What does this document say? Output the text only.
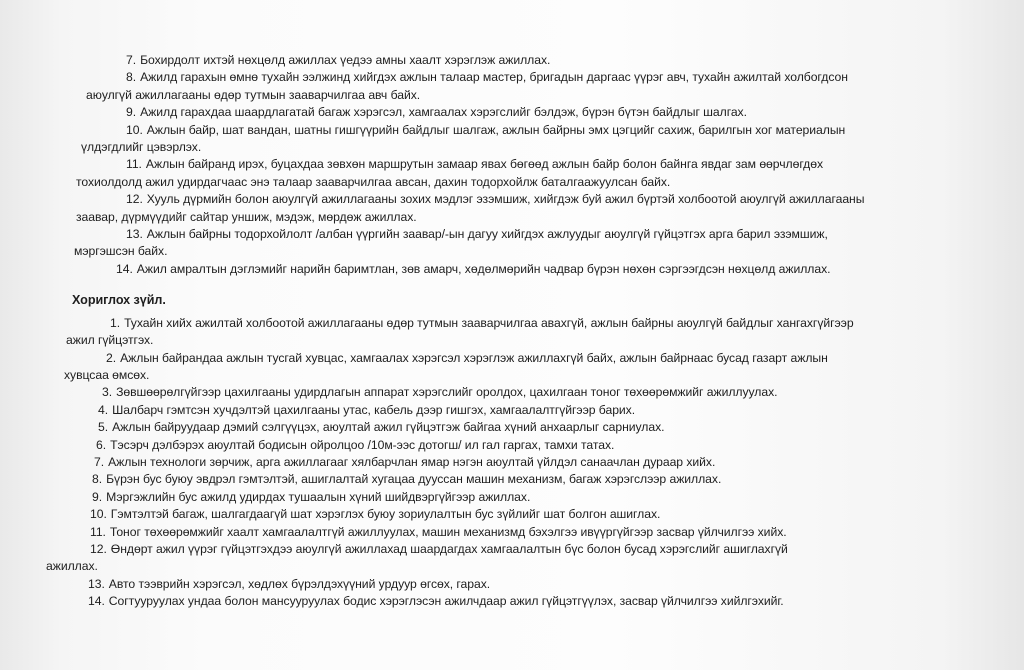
7. Бохирдолт ихтэй нөхцөлд ажиллах үедээ амны хаалт хэрэглэж ажиллах.

8. Ажилд гарахын өмнө тухайн ээлжинд хийгдэх ажлын талаар мастер, бригадын даргаас үүрэг авч, тухайн ажилтай холбогдсон

аюулгүй ажиллагааны өдөр тутмын зааварчилгаа авч байх.

9. Ажилд гарахдаа шаардлагатай багаж хэрэгсэл, хамгаалах хэрэгслийг бэлдэж, бүрэн бүтэн байдлыг шалгах.

10. Ажлын байр, шат вандан, шатны гишгүүрийн байдлыг шалгаж, ажлын байрны эмх цэгцийг сахиж, барилгын хог материалын

үлдэгдлийг цэвэрлэх.

11. Ажлын байранд ирэх, буцахдаа зөвхөн маршрутын замаар явах бөгөөд ажлын байр болон байнга явдаг зам өөрчлөгдөх

тохиолдолд ажил удирдагчаас энэ талаар зааварчилгаа авсан, дахин тодорхойлж баталгаажуулсан байх.

12. Хууль дүрмийн болон аюулгүй ажиллагааны зохих мэдлэг эзэмшиж, хийгдэж буй ажил бүртэй холбоотой аюулгүй ажиллагааны

заавар, дүрмүүдийг сайтар уншиж, мэдэж, мөрдөж ажиллах.

13. Ажлын байрны тодорхойлолт /албан үүргийн заавар/-ын дагуу хийгдэх ажлуудыг аюулгүй гүйцэтгэх арга барил эзэмшиж,

мэргэшсэн байх.

14. Ажил амралтын дэглэмийг нарийн баримтлан, зөв амарч, хөдөлмөрийн чадвар бүрэн нөхөн сэргээгдсэн нөхцөлд ажиллах.

Хориглох зүйл.

1. Тухайн хийх ажилтай холбоотой ажиллагааны өдөр тутмын зааварчилгаа авахгүй, ажлын байрны аюулгүй байдлыг хангахгүйгээр

ажил гүйцэтгэх.

2. Ажлын байрандаа ажлын тусгай хувцас, хамгаалах хэрэгсэл хэрэглэж ажиллахгүй байх, ажлын байрнаас бусад газарт ажлын

хувцсаа өмсөх.

3. Зөвшөөрөлгүйгээр цахилгааны удирдлагын аппарат хэрэгслийг оролдох, цахилгаан тоног төхөөрөмжийг ажиллуулах.

4. Шалбарч гэмтсэн хучдэлтэй цахилгааны утас, кабель дээр гишгэх, хамгаалалтгүйгээр барих.

5. Ажлын байруудаар дэмий сэлгүүцэх, аюултай ажил гүйцэтгэж байгаа хүний анхаарлыг сарниулах.

6. Тэсэрч дэлбэрэх аюултай бодисын ойролцоо /10м-ээс дотогш/ ил гал гаргах, тамхи татах.

7. Ажлын технологи зөрчиж, арга ажиллагааг хялбарчлан ямар нэгэн аюултай үйлдэл санаачлан дураар хийх.

8. Бүрэн бус буюу эвдрэл гэмтэлтэй, ашиглалтай хугацаа дууссан машин механизм, багаж хэрэгслээр ажиллах.

9. Мэргэжлийн бус ажилд удирдах тушаалын хүний шийдвэргүйгээр ажиллах.

10. Гэмтэлтэй багаж, шалгагдаагүй шат хэрэглэх буюу зориулалтын бус зүйлийг шат болгон ашиглах.

11. Тоног төхөөрөмжийг хаалт хамгаалалтгүй ажиллуулах, машин механизмд бэхэлгээ ивүүргүйгээр засвар үйлчилгээ хийх.

12. Өндөрт ажил үүрэг гүйцэтгэхдээ аюулгүй ажиллахад шаардагдах хамгаалалтын бүс болон бусад хэрэгслийг ашиглахгүй

ажиллах.

13. Авто тээврийн хэрэгсэл, хөдлөх бүрэлдэхүүний урдуур өгсөх, гарах.

14. Согтууруулах ундаа болон мансууруулах бодис хэрэглэсэн ажилчдаар ажил гүйцэтгүүлэх, засвар үйлчилгээ хийлгэхийг.
